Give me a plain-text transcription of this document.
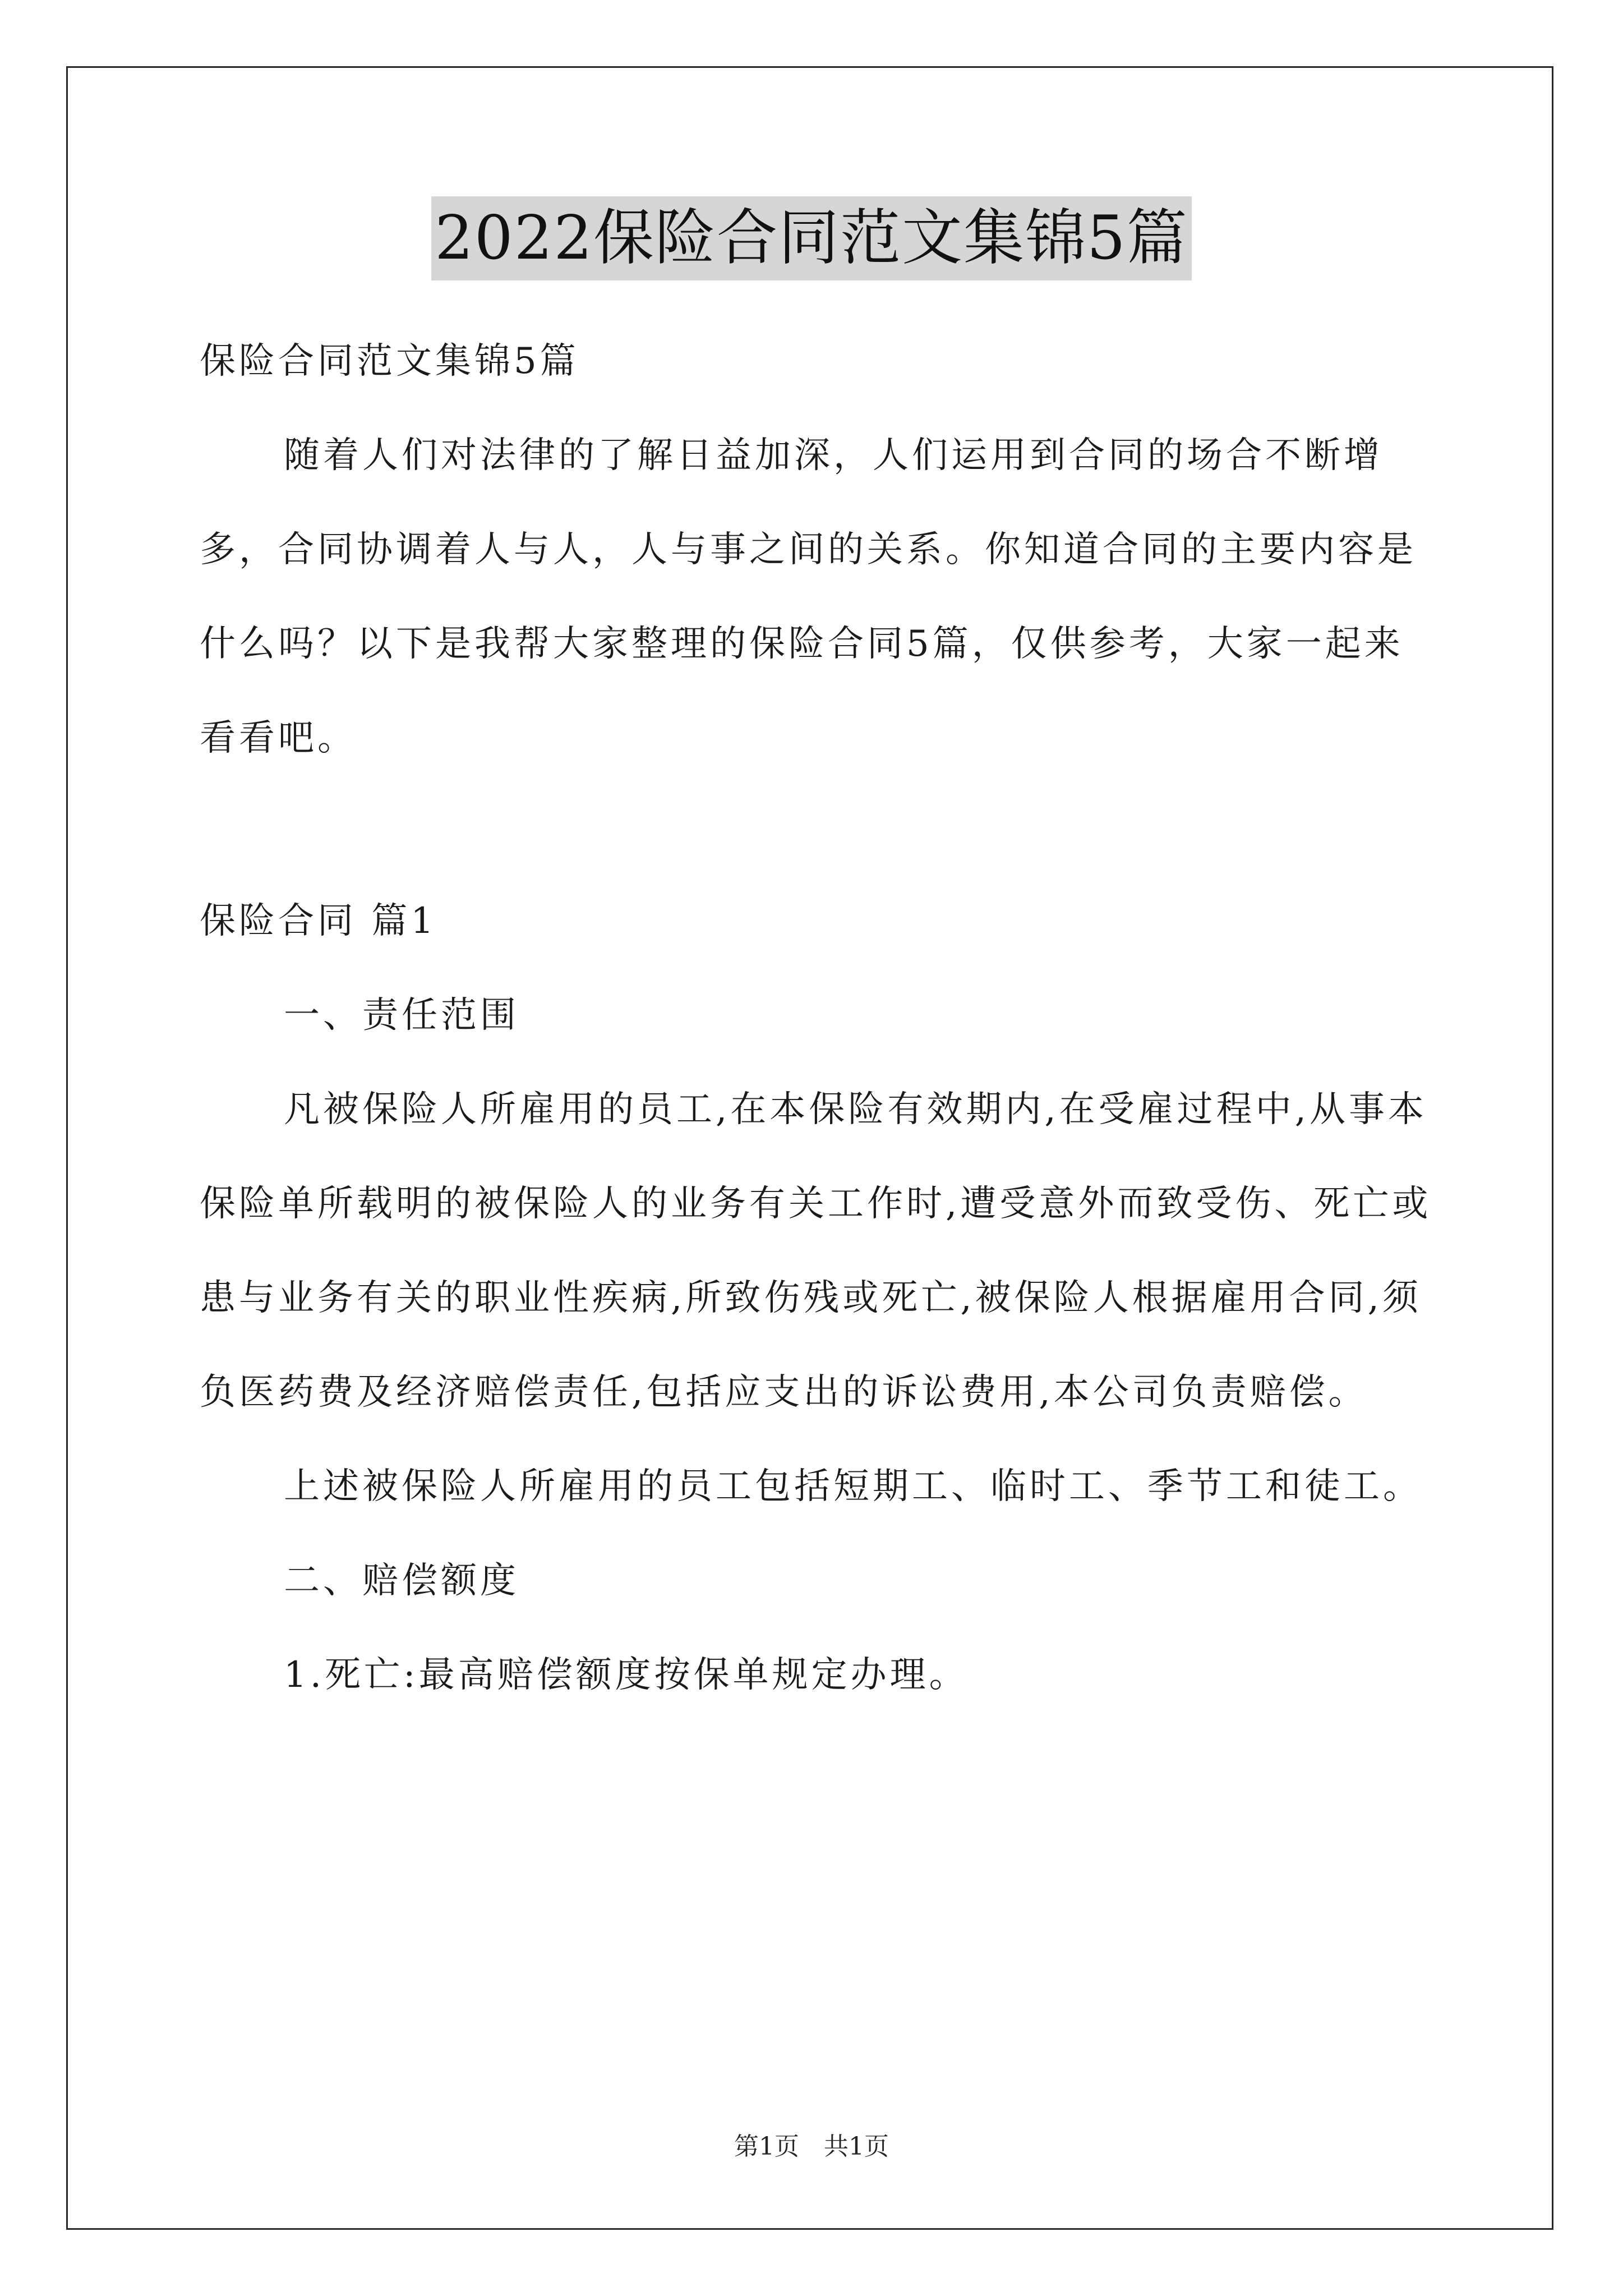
2022保险合同范文集锦5篇

保险合同范文集锦5篇

随着人们对法律的了解日益加深，人们运用到合同的场合不断增多，合同协调着人与人，人与事之间的关系。你知道合同的主要内容是什么吗？以下是我帮大家整理的保险合同5篇，仅供参考，大家一起来看看吧。

保险合同 篇1

一、责任范围

凡被保险人所雇用的员工,在本保险有效期内,在受雇过程中,从事本保险单所载明的被保险人的业务有关工作时,遭受意外而致受伤、死亡或患与业务有关的职业性疾病,所致伤残或死亡,被保险人根据雇用合同,须负医药费及经济赔偿责任,包括应支出的诉讼费用,本公司负责赔偿。

上述被保险人所雇用的员工包括短期工、临时工、季节工和徒工。

二、赔偿额度

1.死亡:最高赔偿额度按保单规定办理。

第1页 共1页
